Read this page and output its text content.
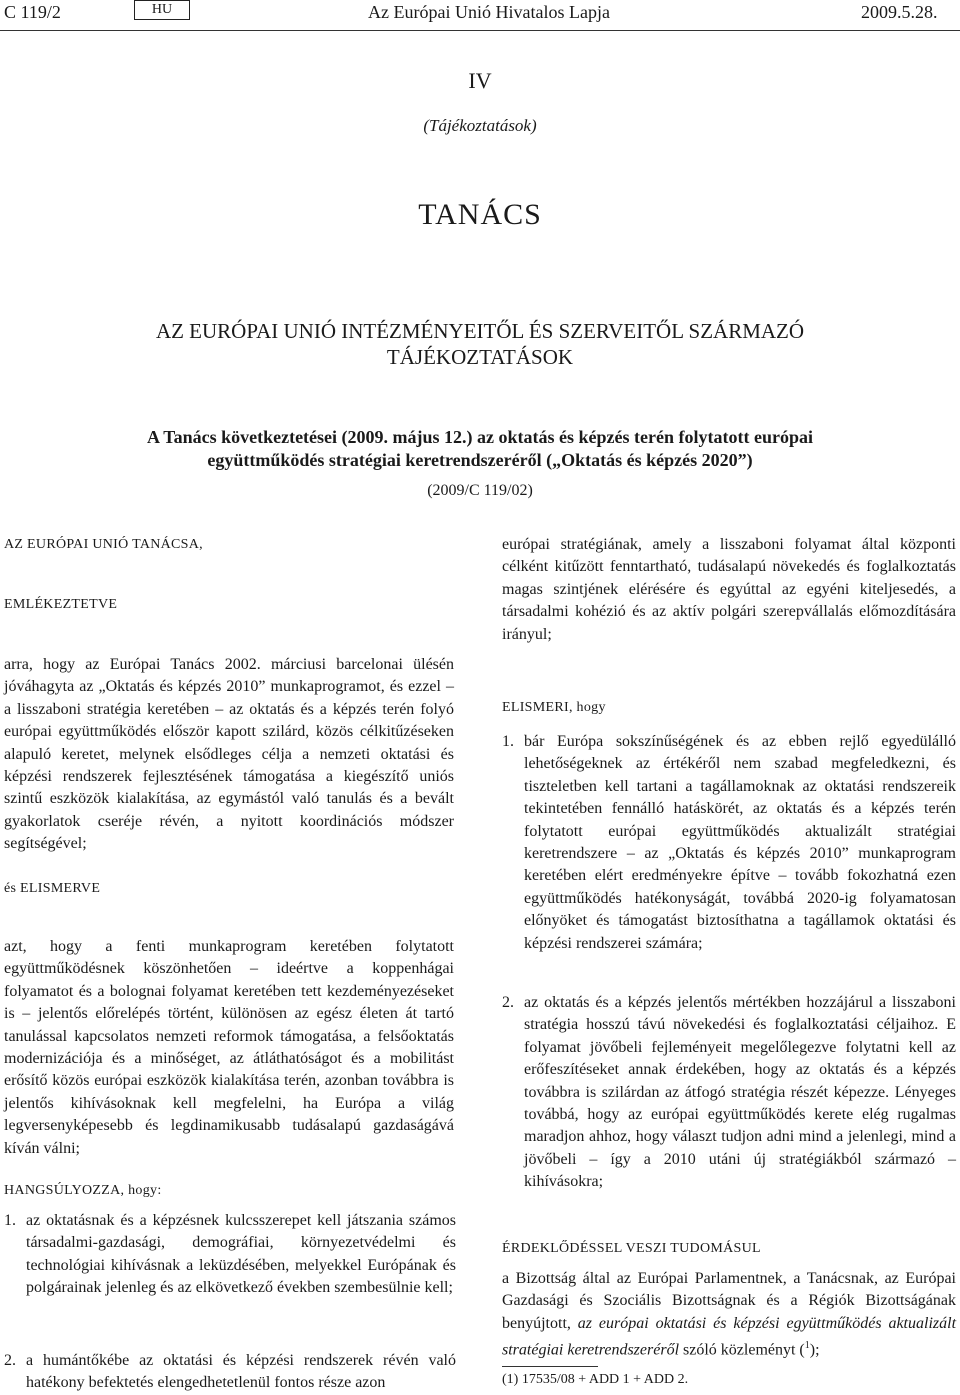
C 119/2	HU	Az Európai Unió Hivatalos Lapja	2009.5.28.
IV
(Tájékoztatások)
TANÁCS
AZ EURÓPAI UNIÓ INTÉZMÉNYEITŐL ÉS SZERVEITŐL SZÁRMAZÓ
TÁJÉKOZTATÁSOK
A Tanács következtetései (2009. május 12.) az oktatás és képzés terén folytatott európai
együttműködés stratégiai keretrendszeréről („Oktatás és képzés 2020”)
(2009/C 119/02)
AZ EURÓPAI UNIÓ TANÁCSA,
EMLÉKEZTETVE
arra, hogy az Európai Tanács 2002. márciusi barcelonai ülésén jóváhagyta az „Oktatás és képzés 2010” munkaprogramot, és ezzel – a lisszaboni stratégia keretében – az oktatás és a képzés terén folyó európai együttműködés először kapott szilárd, közös célkitűzéseken alapuló keretet, melynek elsődleges célja a nemzeti oktatási és képzési rendszerek fejlesztésének támogatása a kiegészítő uniós szintű eszközök kialakítása, az egymástól való tanulás és a bevált gyakorlatok cseréje révén, a nyitott koordinációs módszer segítségével;
és ELISMERVE
azt, hogy a fenti munkaprogram keretében folytatott együttműködésnek köszönhetően – ideértve a koppenhágai folyamatot és a bolognai folyamat keretében tett kezdeményezéseket is – jelentős előrelépés történt, különösen az egész életen át tartó tanulással kapcsolatos nemzeti reformok támogatása, a felsőoktatás modernizációja és a minőséget, az átláthatóságot és a mobilitást erősítő közös európai eszközök kialakítása terén, azonban továbbra is jelentős kihívásoknak kell megfelelni, ha Európa a világ legversenyképesebb és legdinamikusabb tudásalapú gazdaságává kíván válni;
HANGSÚLYOZZA, hogy:
1. az oktatásnak és a képzésnek kulcsszerepet kell játszania számos társadalmi-gazdasági, demográfiai, környezetvédelmi és technológiai kihívásnak a leküzdésében, melyekkel Európának és polgárainak jelenleg és az elkövetkező években szembesülnie kell;
2. a humántőkébe az oktatási és képzési rendszerek révén való hatékony befektetés elengedhetetlenül fontos része azon
európai stratégiának, amely a lisszaboni folyamat által központi célként kitűzött fenntartható, tudásalapú növekedés és foglalkoztatás magas szintjének elérésére és egyúttal az egyéni kiteljesedés, a társadalmi kohézió és az aktív polgári szerepvállalás előmozdítására irányul;
ELISMERI, hogy
1. bár Európa sokszínűségének és az ebben rejlő egyedülálló lehetőségeknek az értékéről nem szabad megfeledkezni, és tiszteletben kell tartani a tagállamoknak az oktatási rendszereik tekintetében fennálló hatáskörét, az oktatás és a képzés terén folytatott európai együttműködés aktualizált stratégiai keretrendszere – az „Oktatás és képzés 2010” munkaprogram keretében elért eredményekre építve – tovább fokozhatná ezen együttműködés hatékonyságát, továbbá 2020-ig folyamatosan előnyöket és támogatást biztosíthatna a tagállamok oktatási és képzési rendszerei számára;
2. az oktatás és a képzés jelentős mértékben hozzájárul a lisszaboni stratégia hosszú távú növekedési és foglalkoztatási céljaihoz. E folyamat jövőbeli fejleményeit megelőlegezve folytatni kell az erőfeszítéseket annak érdekében, hogy az oktatás és a képzés továbbra is szilárdan az átfogó stratégia részét képezze. Lényeges továbbá, hogy az európai együttműködés kerete elég rugalmas maradjon ahhoz, hogy választ tudjon adni mind a jelenlegi, mind a jövőbeli – így a 2010 utáni új stratégiákból származó – kihívásokra;
ÉRDEKLŐDÉSSEL VESZI TUDOMÁSUL
a Bizottság által az Európai Parlamentnek, a Tanácsnak, az Európai Gazdasági és Szociális Bizottságnak és a Régiók Bizottságának benyújtott, az európai oktatási és képzési együttműködés aktualizált stratégiai keretrendszeréről szóló közleményt ($^1$);
(1) 17535/08 + ADD 1 + ADD 2.
